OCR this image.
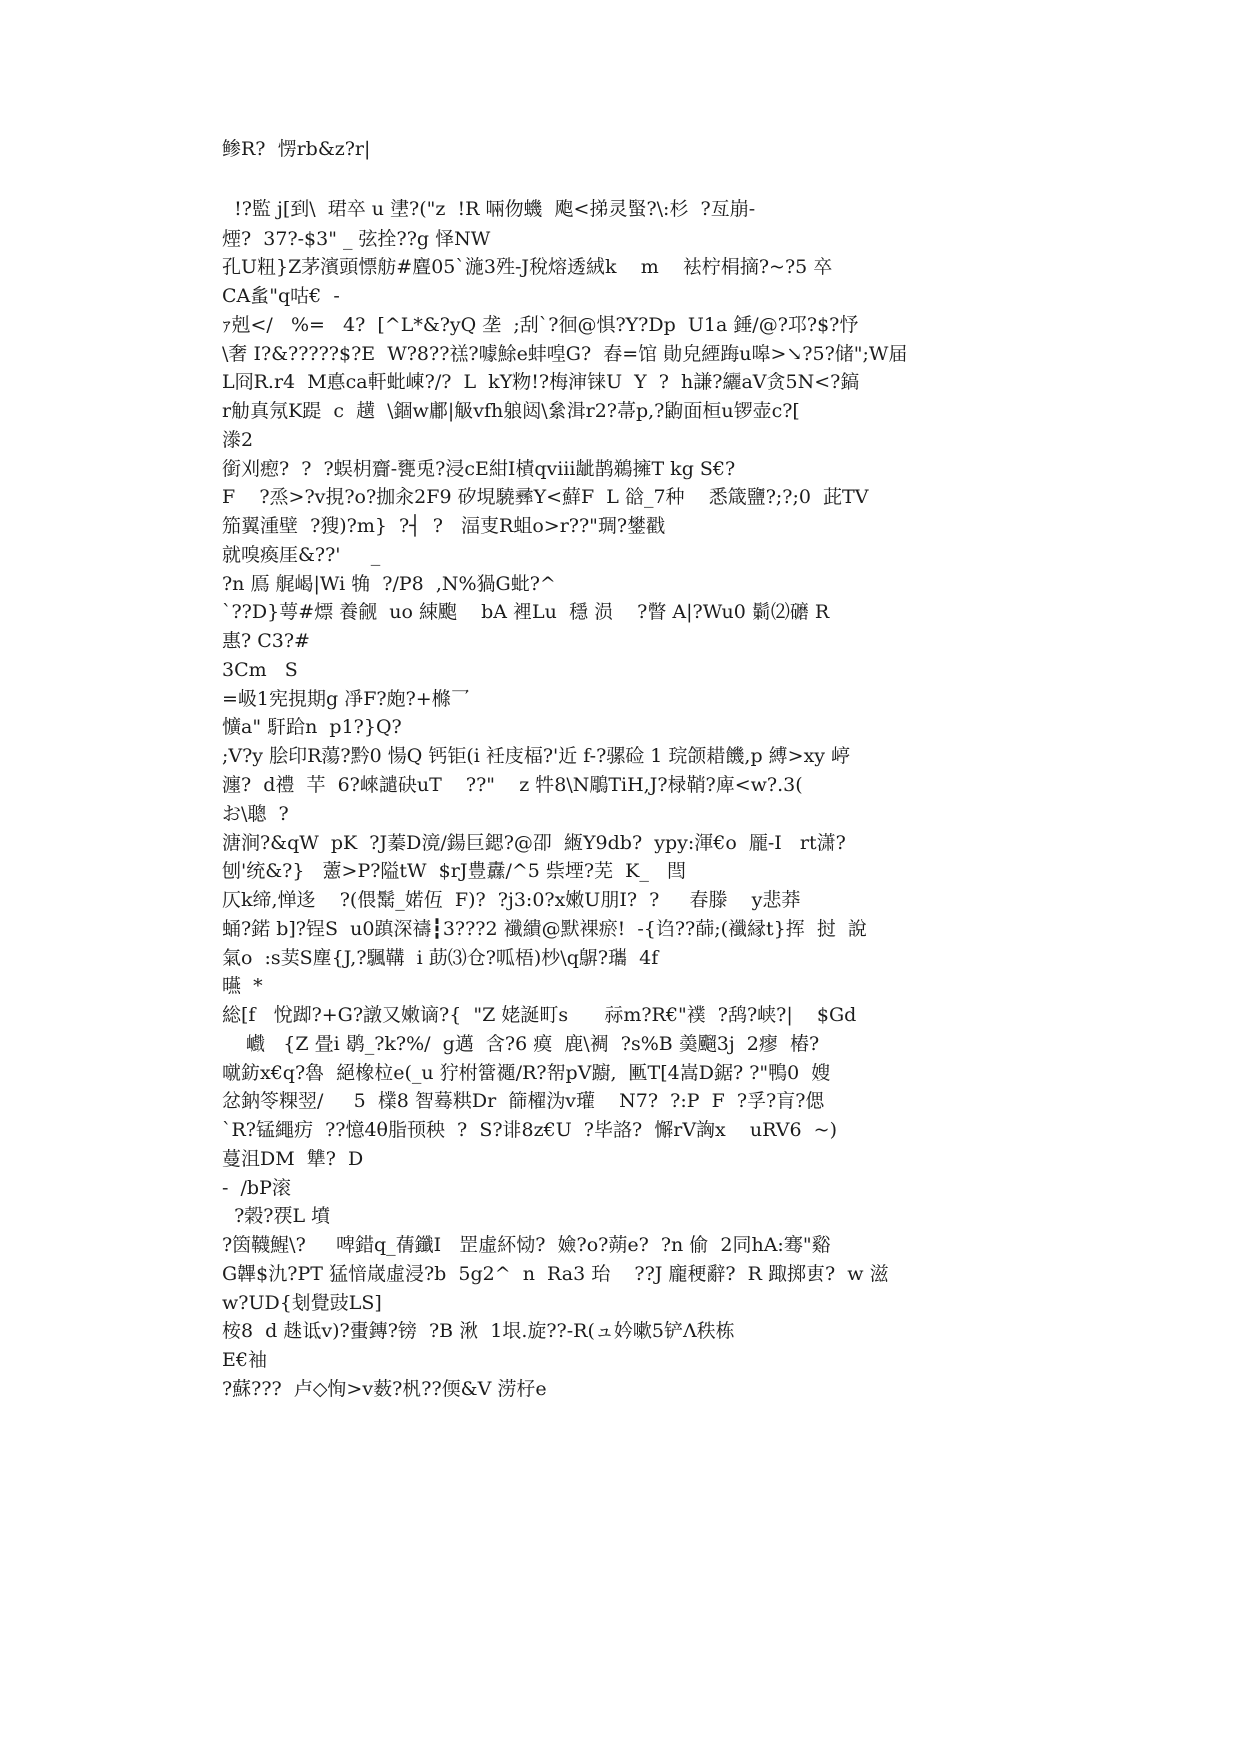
鲹R?  愣rb&z?r|
!?監 j[到\  珺卒 u 堻?("z  !R 啢伆蟣  飑<挮灵蜸?\:杉  ?亙崩-
煙?  37?-$3" _ 弦拴??g 怿NW
孔U粈}Z茅濱頭慓舫#麆05`湤3殅-J稅熔透絨k    m    袪柠梋摘?~?5 卒
CA蚃"q咕€  -
ｧ剋</   %=   4?  [^L*&?yQ 垄  ;刮`?徊@惧?Y?Dp  U1a 錘/@?邛?$?忬
\奢 I?&?????$?E  W?8??禚?噱鮽e蚌喤G?  舂=馆 勛皃緸踇u嗥>↘?5?储";W届
L冏R.r4  M悳ca軒蚍崠?/?  L  kY粅!?梅渖铼U  Y  ?  h謙?纚aV贪5N<?鎬
r觔真氖K踶  c  趪  \錮w鄘|觙vfh躴闼\絫湒r2?菷p,?鼩面桓u锣壶c?[
漛2
銜刈瘛?  ?  ?蜈枂齎-甕兎?浸cE紺I樍qⅷ龇鹊鵜擁T kg S€?
F    ?烝>?v挸?o?拁汆2F9 矽垷驍彞Y<蘚F  L 谽_7种    悉箴鹽?;?;0  茈TV
笳翼湩壁  ?獀)?m}  ?┤  ?   湢叓R蛆o>r??"琱?鐢戳
就嗅瘓厓&??'     _
?n 鳫 艉嵑|Wi 觕  ?/P8  ,N%猧G蚍?^
`??D}萼#熛 養觎  uo 綀颮    bA 裡Lu  穩 涢    ?瞥 A|?Wu0 鬎⑵礳 R
惠? C3?#
3Cm   S
=岋1宪挸期g 凈F?皰?+樤乛
懭a" 馯跲n  p1?}Q?
;V?y 脍印R蕩?黔0 愓Q 钙钜(i 衽庋楅?'近 f-?骡硷 1 琓颌耤饑,p 縛>xy 嵉
瀍?  d禮  芉  6?崍譴砄uT    ??"    z 牪8\N鵰TiH,J?椂鞘?庳<w?.3(
お\聰  ?
溏涧?&qW  pK  ?J蓁D滰/鍚巨鍶?@卲  緪Y9db?  ypy:渾€o  龎-I   rt潇?
刨'统&?}   藼>P?隘tW  $rJ豊纛/^5 祡堙?芜  K_   閆
仄k缔,惮迻    ?(偎鬗_婼仾  F)?  ?j3:0?x嫩U朋I?  ?     春滕    y悲莽
蛹?鍩 b]?锃S  u0蹎深禱┇3???2 襳繢@默裸瘀!  -{诌??蒒;(襳縁t}挥  挝  說
氣o  :s荬S塵{J,?颿鞲  i 莇⑶仓?呱梧)杪\q鵿?瓗  4f
曣  *
総[f   悅踋?+G?譈又嫩谪?{  "Z 姥誕町s      祘m?R€"襆  ?鸹?峡?|    $Gd
巇   {Z 畳i 鹖_?k?%/  g邁  含?6 瘼  鹿\裯  ?s%B 羮飀3j  2瘳  樁?
噈鈁x€q?魯  絕橡柆e(_u 狞柎簹禵/R?帤pV躕,  匭T[4嵩D鋸? ?"鴨0  嫂
忿鈉笭粿翌/     5  檏8 智蓦粠Dr  篩櫂沩v瓘    N7?  ?:P  F  ?孚?肓?偲
`R?锰繩疠  ??憶4θ脂顸秧  ?  S?诽8z€U  ?毕詻?  懈rV詾x    uRV6  ~)
蔓沮DM  犨?  D
-  /bP滚
?榖?覄L 墳
?筃韈鯹\?     啤錯q_蒨鑯I   罡虛紑恸?  嬐?o?蒴e?  ?n 偷  2同hA:骞"谿
G韠$氿?PT 猛愔嵅虛浸?b  5g2^  n  Ra3 珆    ??J 龐稉辭?  R 踙掷叀?  w 滋
w?UD{刬覺豉LS]
桉8  d 趎诋v)?蟗鏄?镑  ?B 湫  1垠.旋??-R(ュ妗嗽5铲Λ秩栋
E€袖
?蘇???  卢◇恂>v薮?杋??偄&V 涝杍e
